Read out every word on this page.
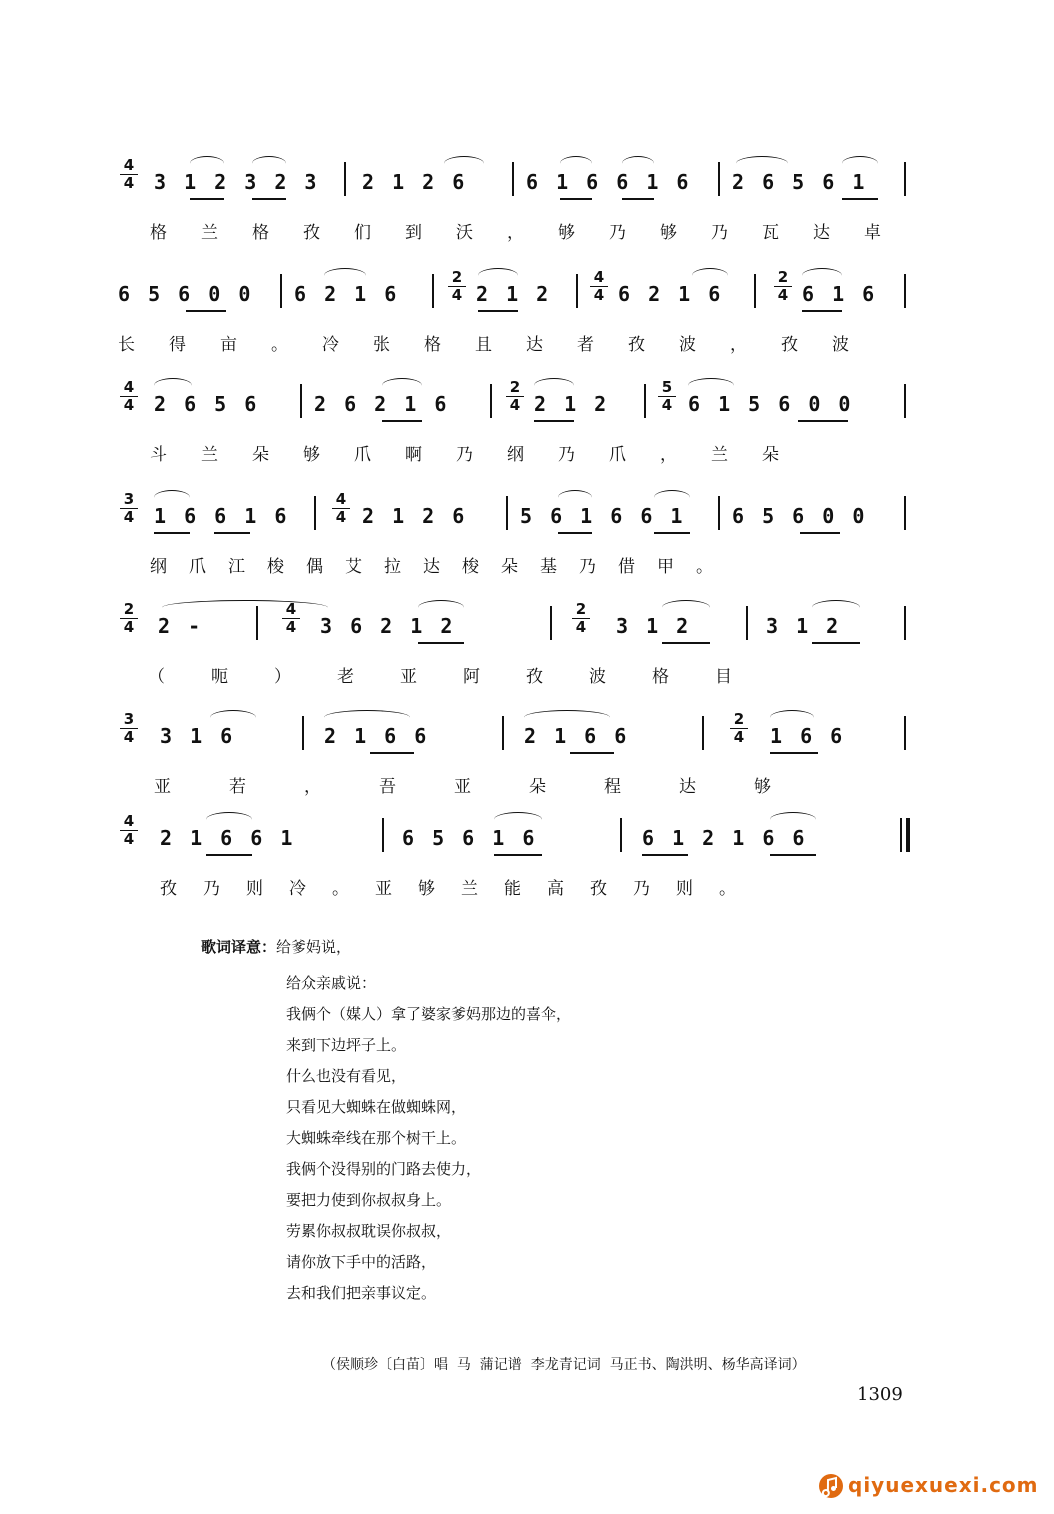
$\frac{4}{4} 3$ 1 2 3 2 3 2 1 2 6	6 1 6 6 1 6 2 6 5 6 1
格兰格孜们到沃，够乃够乃瓦达卓
6 5 6 0 0 6 2 1 6	$\frac{2}{4} 2$ 1 2	$\frac{4}{4} 6$ 2 1 6	$\frac{2}{4} 6$ 1 6
长得亩。冷张格且达者孜波，孜波
$\frac{4}{4} 2$ 6 5 6	2 6 2 1 6	$\frac{2}{4} 2$ 1 2	$\frac{5}{4} 6$ 1 5 6 0 0
斗兰朵够爪啊乃纲乃爪，兰朵
$\frac{3}{4} 1$ 6 6 1 6	$\frac{4}{4} 2$ 1 2 6	5 6 1 6 6 1 6 5 6 0 0
纲爪江梭偶艾拉达梭朵基乃借甲。
$\frac{2}{4} 2$ -	$\frac{4}{4} 3$ 6 2 1 2	$\frac{2}{4} 3$ 1 2	3 1 2
（呃）老亚阿孜波格目
$\frac{3}{4} 3$ 1 6	2 1 6 6	2 1 6 6	$\frac{2}{4} 1$ 6 6
亚若，吾亚朵程达够
$\frac{4}{4} 2$ 1 6 6 1	6 5 6 1 6	6 1 2 1 6 6
孜乃则冷。亚够兰能高孜乃则。
歌词译意： 给爹妈说，
给众亲戚说：
我俩个（媒人）拿了婆家爹妈那边的喜伞，
来到下边坪子上。
什么也没有看见，
只看见大蜘蛛在做蜘蛛网，
大蜘蛛牵线在那个树干上。
我俩个没得别的门路去使力，
要把力使到你叔叔身上。
劳累你叔叔耽误你叔叔，
请你放下手中的活路，
去和我们把亲事议定。
（侯顺珍〔白苗〕唱  马  蒲记谱  李龙青记词  马正书、陶洪明、杨华高译词）
1309
qiyuexuexi.com
